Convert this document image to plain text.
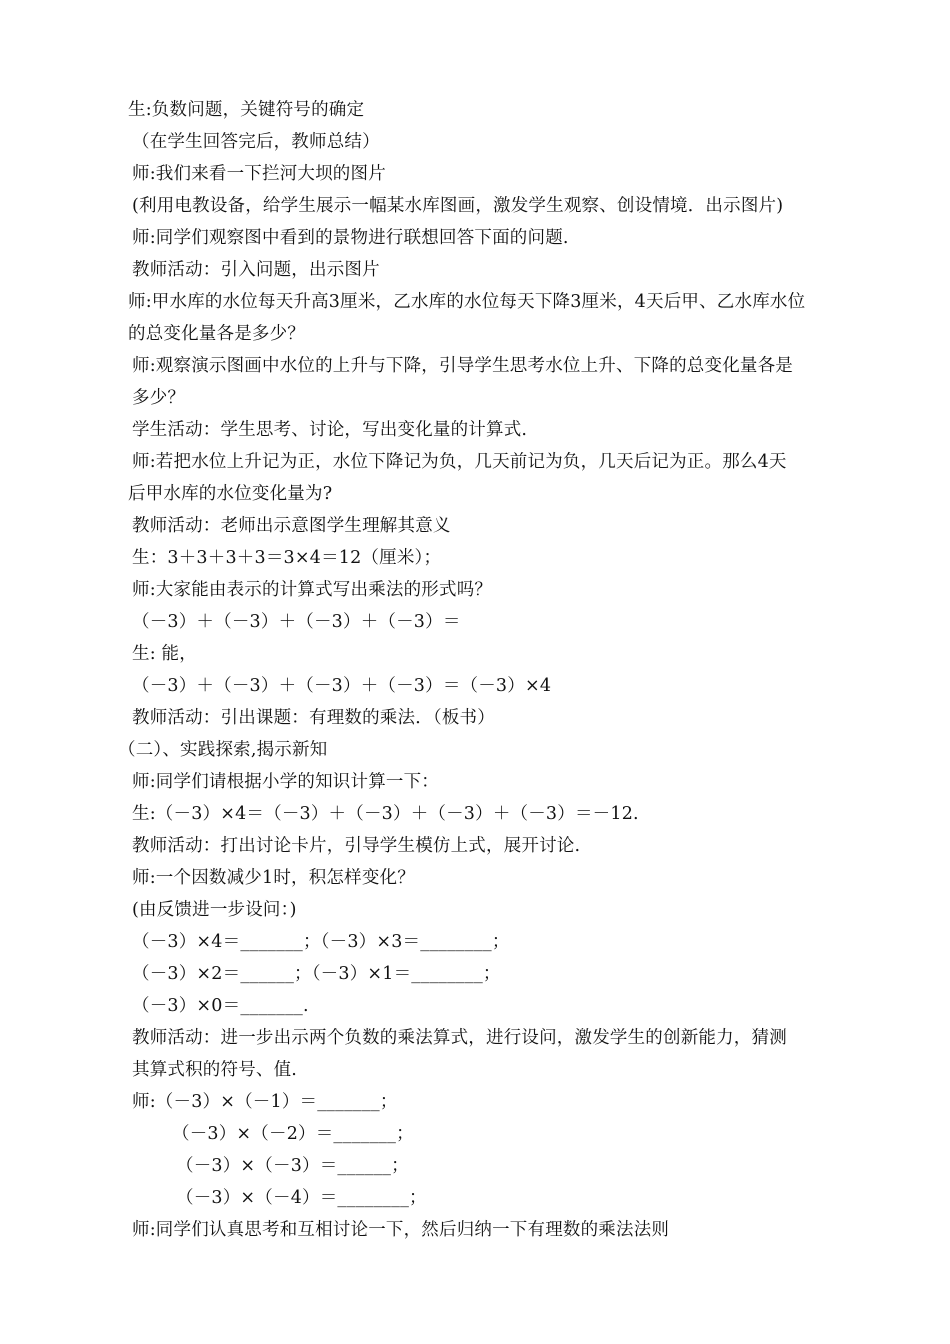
生:负数问题，关键符号的确定
（在学生回答完后，教师总结）
师:我们来看一下拦河大坝的图片
(利用电教设备，给学生展示一幅某水库图画，激发学生观察、创设情境．出示图片)
师:同学们观察图中看到的景物进行联想回答下面的问题.
教师活动：引入问题，出示图片
师:甲水库的水位每天升高3厘米，乙水库的水位每天下降3厘米，4天后甲、乙水库水位
的总变化量各是多少？
师:观察演示图画中水位的上升与下降，引导学生思考水位上升、下降的总变化量各是
多少？
学生活动：学生思考、讨论，写出变化量的计算式.
师:若把水位上升记为正，水位下降记为负，几天前记为负，几天后记为正。那么4天
后甲水库的水位变化量为?
教师活动：老师出示意图学生理解其意义
生：3＋3＋3＋3＝3×4＝12（厘米）；
师:大家能由表示的计算式写出乘法的形式吗？
（－3）＋（－3）＋（－3）＋（－3）＝
生: 能，
（－3）＋（－3）＋（－3）＋（－3）＝（－3）×4
教师活动：引出课题：有理数的乘法．（板书）
（二）、实践探索,揭示新知
师:同学们请根据小学的知识计算一下：
生:（－3）×4＝（－3）＋（－3）＋（－3）＋（－3）＝－12.
教师活动：打出讨论卡片，引导学生模仿上式，展开讨论.
师:一个因数减少1时，积怎样变化？
(由反馈进一步设问：)
（－3）×4＝_______；（－3）×3＝________；
（－3）×2＝______；（－3）×1＝________；
（－3）×0＝_______.
教师活动：进一步出示两个负数的乘法算式，进行设问，激发学生的创新能力，猜测
其算式积的符号、值.
师:（－3）×（－1）＝_______；
（－3）×（－2）＝_______；
（－3）×（－3）＝______；
（－3）×（－4）＝________；
师:同学们认真思考和互相讨论一下，然后归纳一下有理数的乘法法则
